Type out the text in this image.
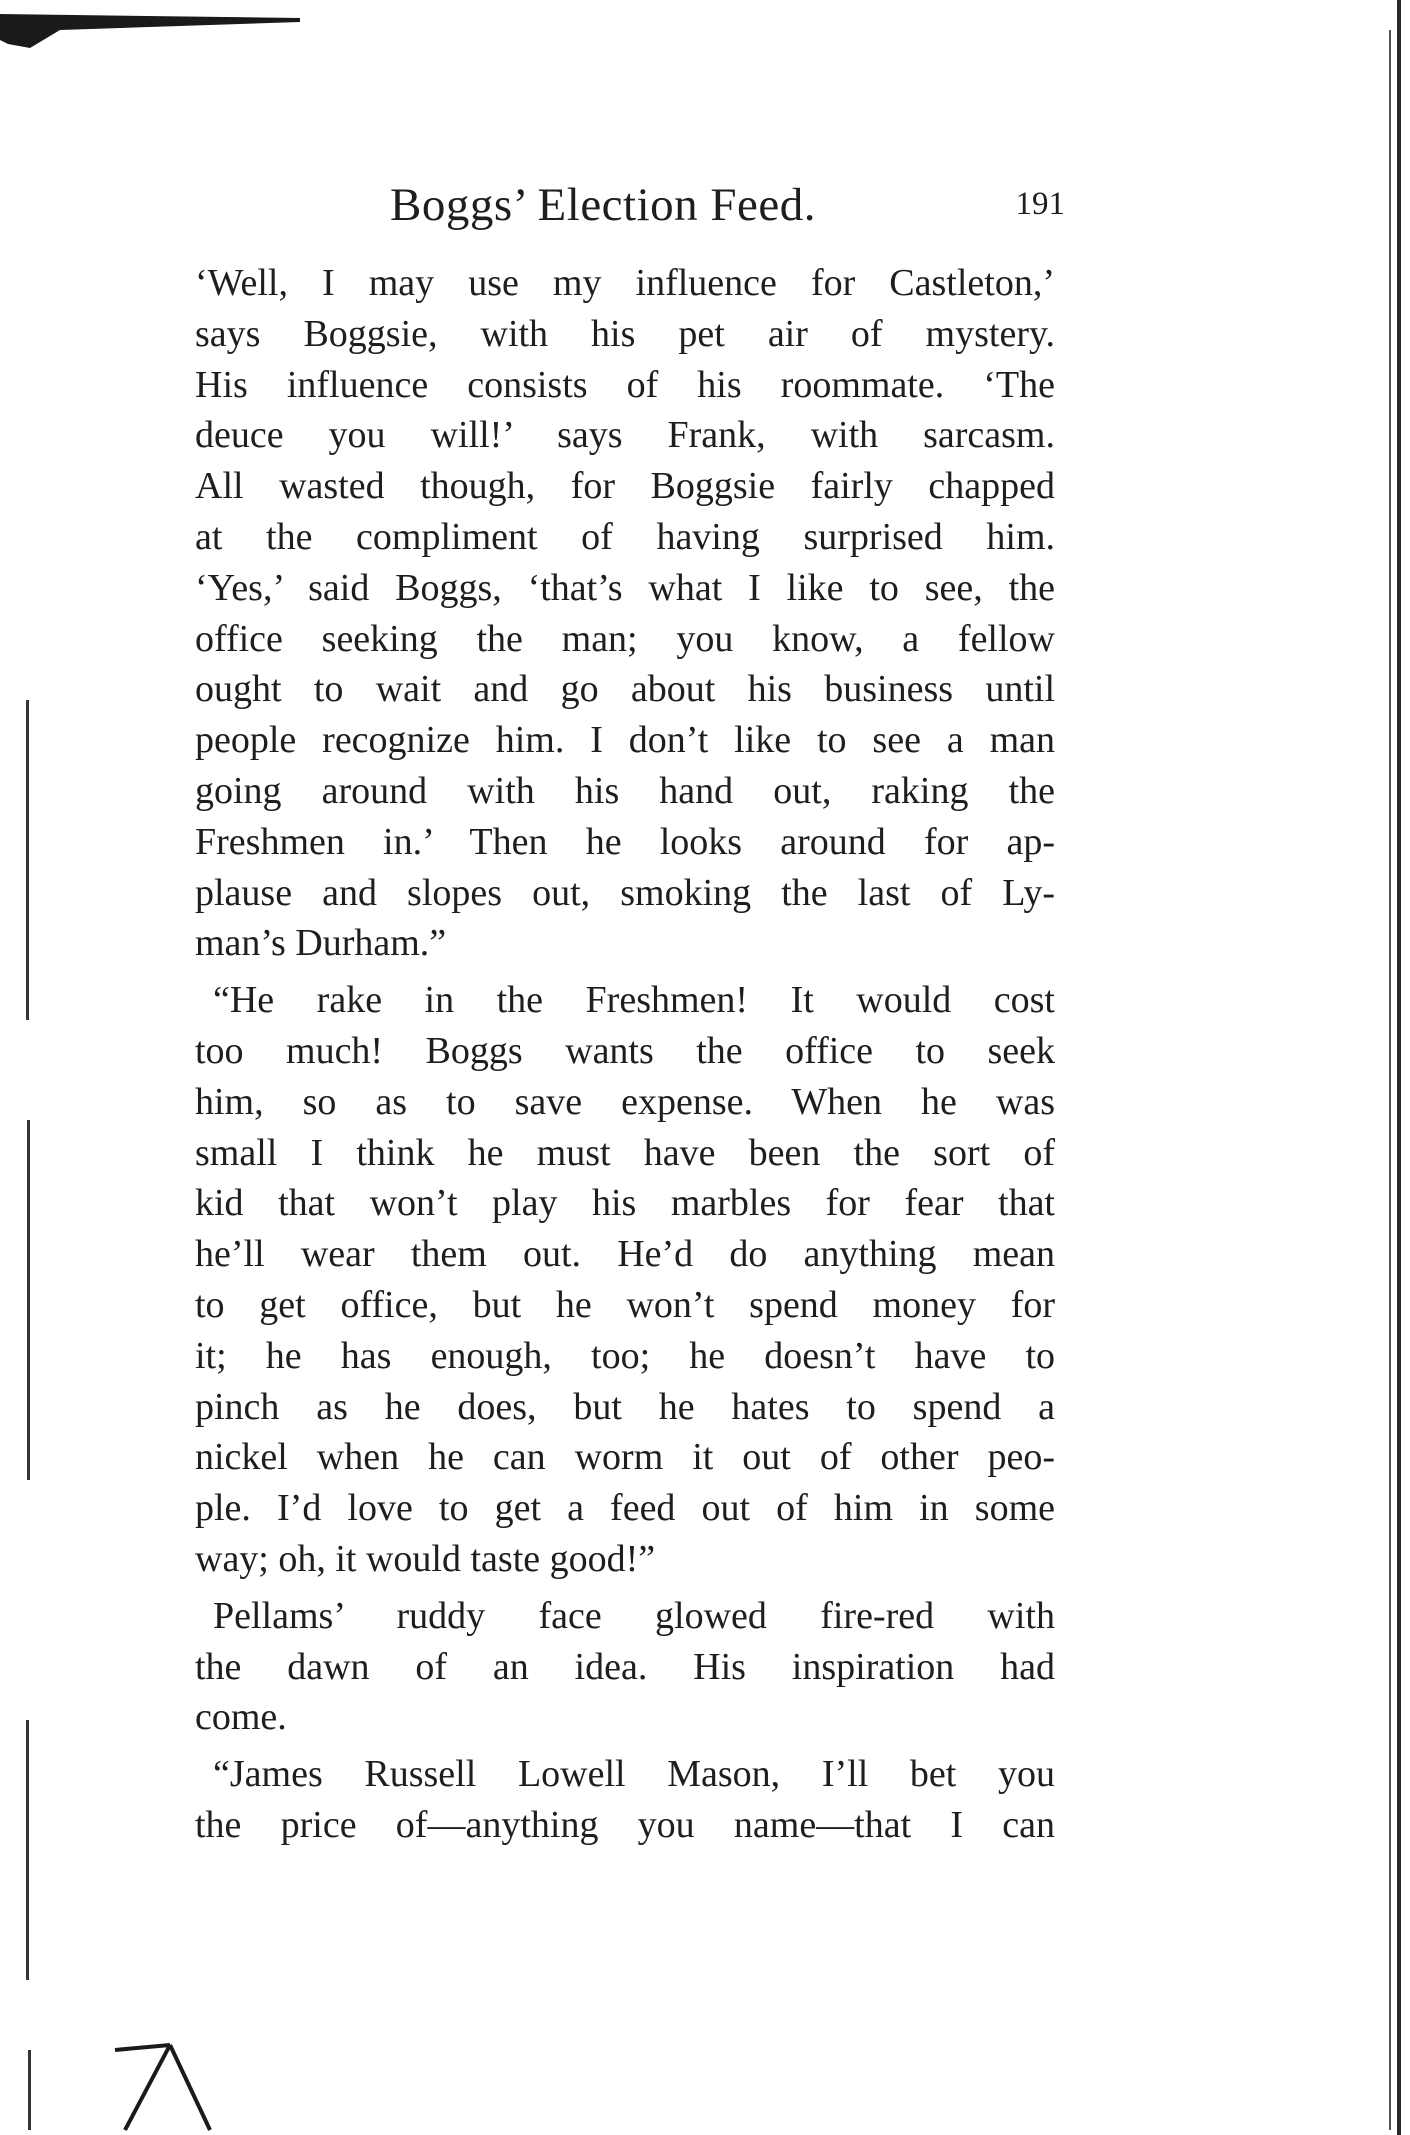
Boggs’ Election Feed.	191
‘Well, I may use my influence for Castleton,’
says Boggsie, with his pet air of mystery.
His influence consists of his roommate. ‘The
deuce you will!’ says Frank, with sarcasm.
All wasted though, for Boggsie fairly chapped
at the compliment of having surprised him.
‘Yes,’ said Boggs, ‘that’s what I like to see, the
office seeking the man; you know, a fellow
ought to wait and go about his business until
people recognize him. I don’t like to see a man
going around with his hand out, raking the
Freshmen in.’ Then he looks around for ap-
plause and slopes out, smoking the last of Ly-
man’s Durham.”
“He rake in the Freshmen! It would cost
too much! Boggs wants the office to seek
him, so as to save expense. When he was
small I think he must have been the sort of
kid that won’t play his marbles for fear that
he’ll wear them out. He’d do anything mean
to get office, but he won’t spend money for
it; he has enough, too; he doesn’t have to
pinch as he does, but he hates to spend a
nickel when he can worm it out of other peo-
ple. I’d love to get a feed out of him in some
way; oh, it would taste good!”
Pellams’ ruddy face glowed fire-red with
the dawn of an idea. His inspiration had
come.
“James Russell Lowell Mason, I’ll bet you
the price of—anything you name—that I can
